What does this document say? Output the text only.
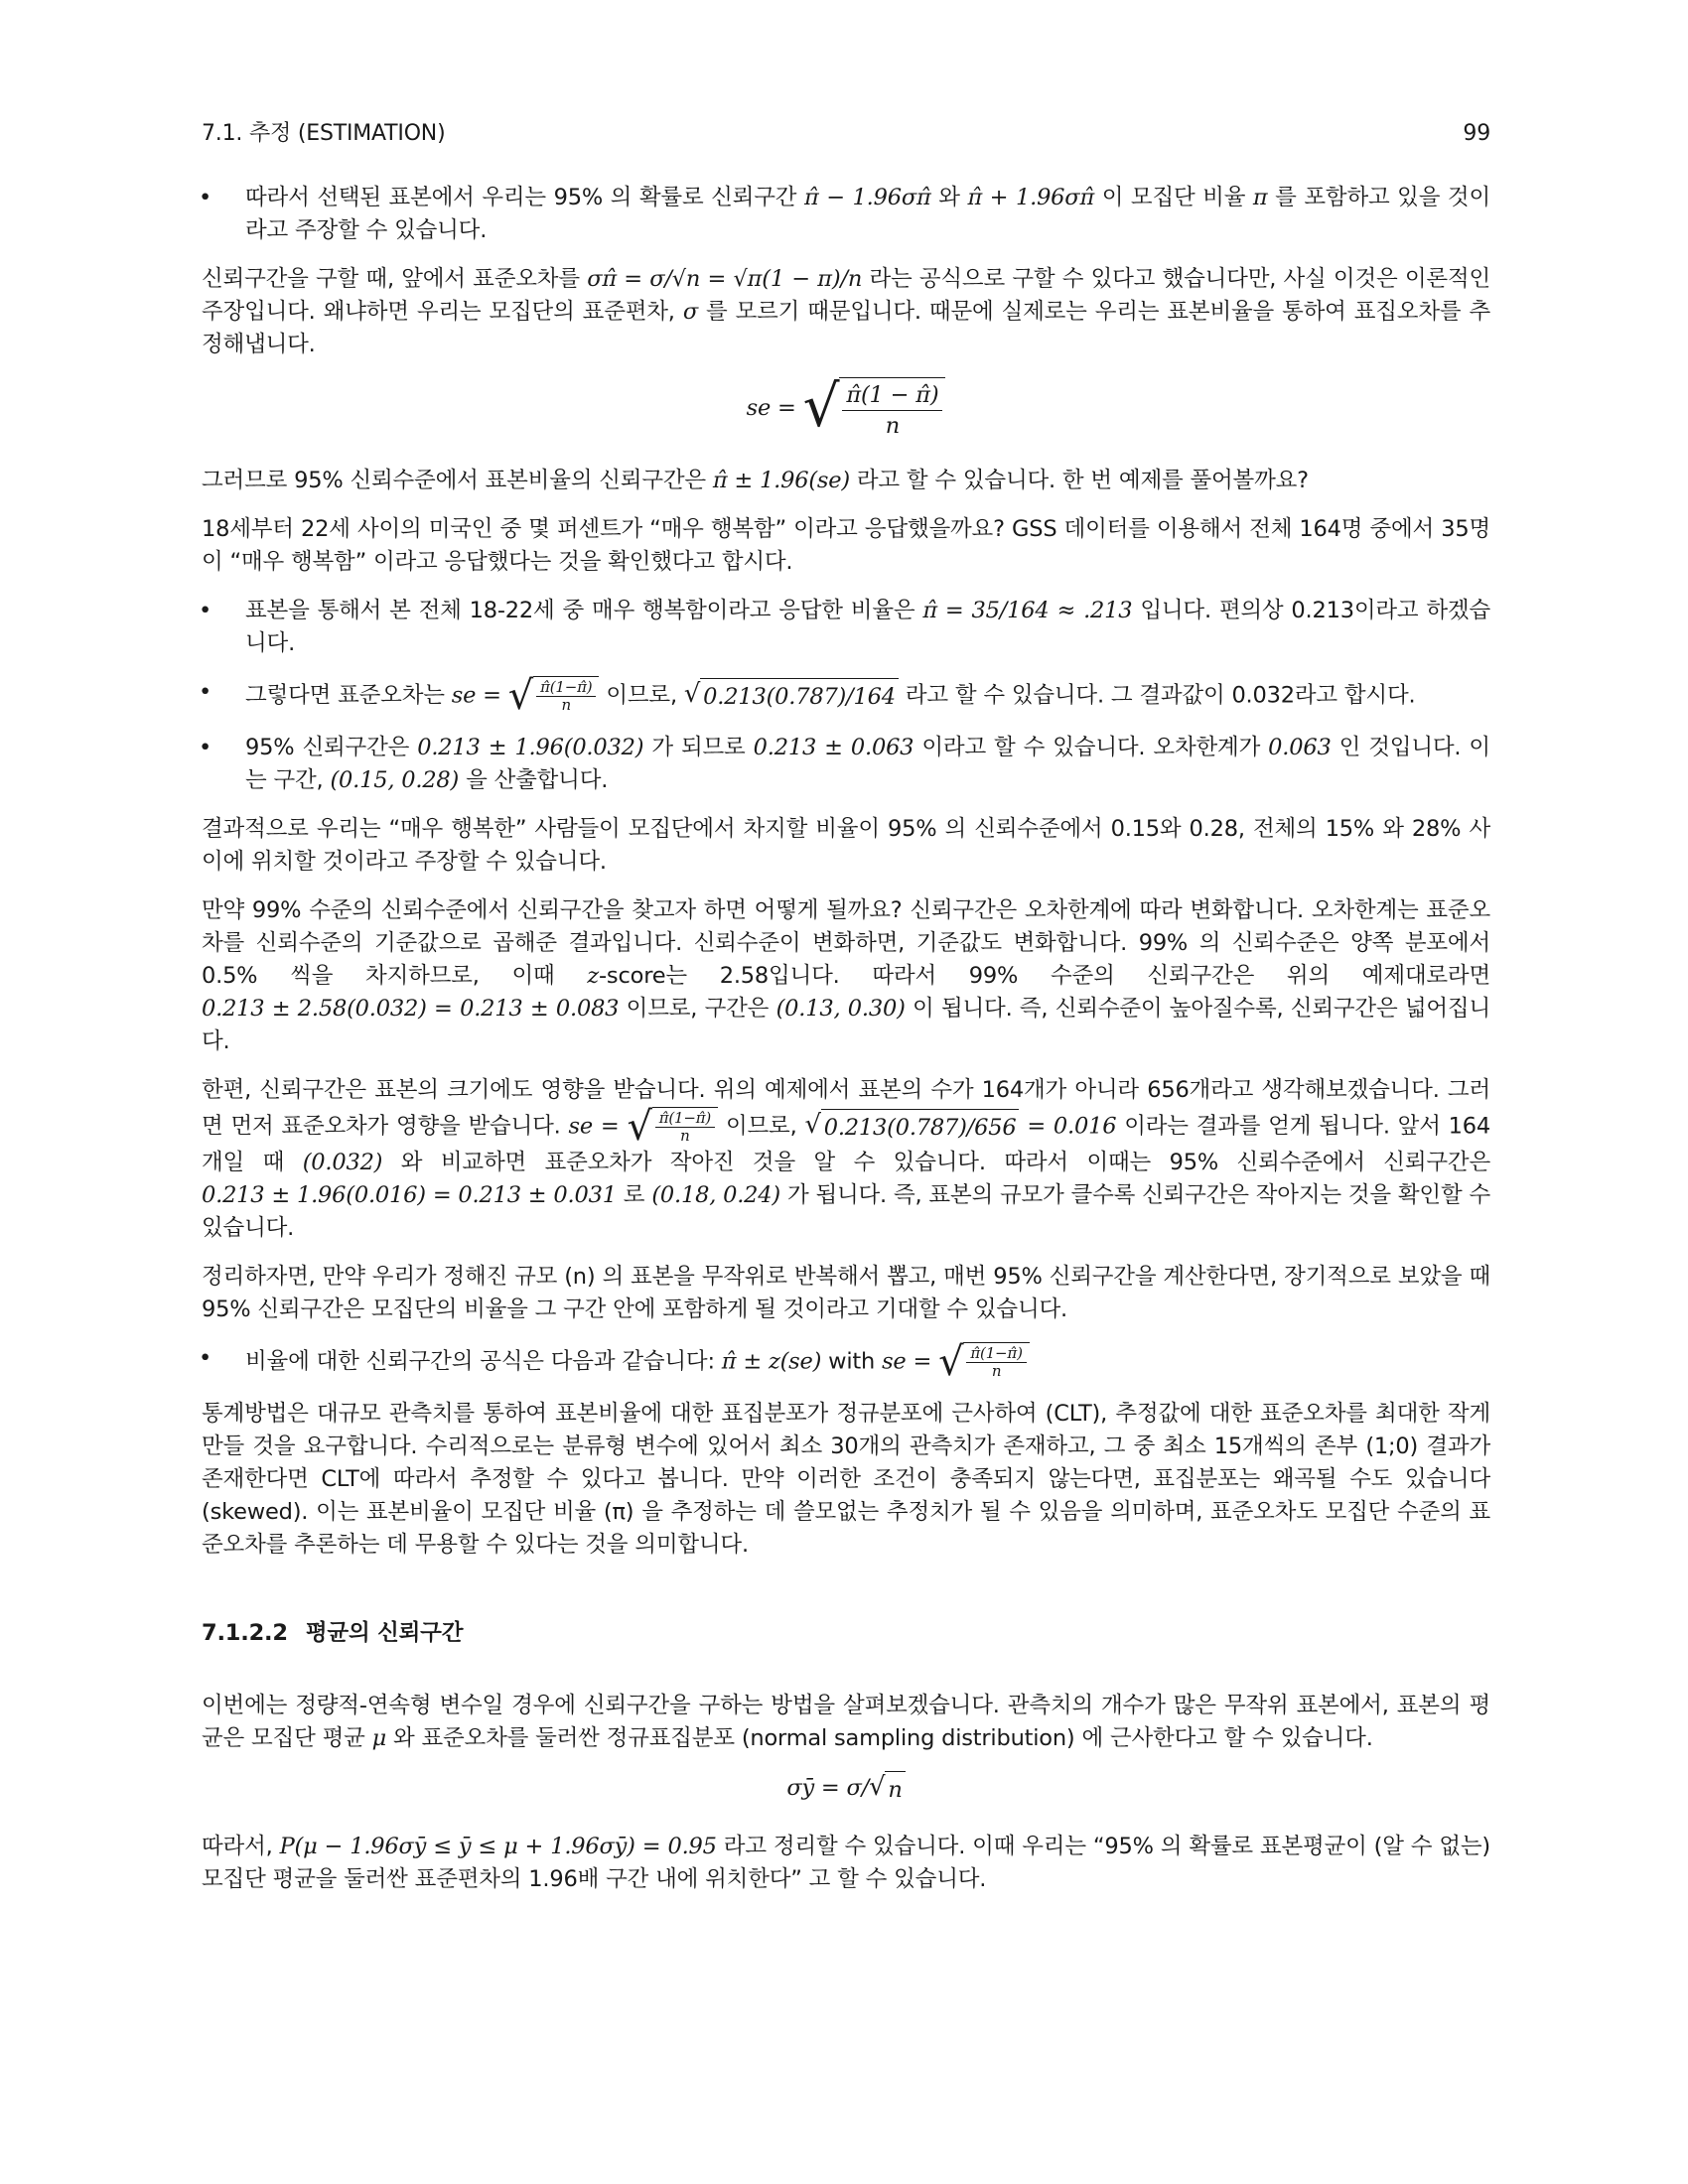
7.1. 추정 (ESTIMATION)	99
• 따라서 선택된 표본에서 우리는 95% 의 확률로 신뢰구간 π̂ − 1.96σπ̂ 와 π̂ + 1.96σπ̂ 이 모집단 비율 π 를 포함하고 있을 것이라고 주장할 수 있습니다.

신뢰구간을 구할 때, 앞에서 표준오차를 σπ̂ = σ/√n = √π(1 − π)/n 라는 공식으로 구할 수 있다고 했습니다만, 사실 이것은 이론적인 주장입니다. 왜냐하면 우리는 모집단의 표준편차, σ 를 모르기 때문입니다. 때문에 실제로는 우리는 표본비율을 통하여 표집오차를 추정해냅니다.

se = √ $\frac{\pî(1 - \pî)}{n}$

그러므로 95% 신뢰수준에서 표본비율의 신뢰구간은 π̂ ± 1.96(se) 라고 할 수 있습니다. 한 번 예제를 풀어볼까요?

18세부터 22세 사이의 미국인 중 몇 퍼센트가 “매우 행복함” 이라고 응답했을까요? GSS 데이터를 이용해서 전체 164명 중에서 35명이 “매우 행복함” 이라고 응답했다는 것을 확인했다고 합시다.

• 표본을 통해서 본 전체 18-22세 중 매우 행복함이라고 응답한 비율은 π̂ = 35/164 ≈ .213 입니다. 편의상 0.213이라고 하겠습니다.
• 그렇다면 표준오차는 se = √ $\frac{\pî(1-\pî)}{n}$ 이므로, √ 0.213(0.787)/164 라고 할 수 있습니다. 그 결과값이 0.032라고 합시다.
• 95% 신뢰구간은 0.213 ± 1.96(0.032) 가 되므로 0.213 ± 0.063 이라고 할 수 있습니다. 오차한계가 0.063 인 것입니다. 이는 구간, (0.15, 0.28) 을 산출합니다.

결과적으로 우리는 “매우 행복한” 사람들이 모집단에서 차지할 비율이 95% 의 신뢰수준에서 0.15와 0.28, 전체의 15% 와 28% 사이에 위치할 것이라고 주장할 수 있습니다.

만약 99% 수준의 신뢰수준에서 신뢰구간을 찾고자 하면 어떻게 될까요? 신뢰구간은 오차한계에 따라 변화합니다. 오차한계는 표준오차를 신뢰수준의 기준값으로 곱해준 결과입니다. 신뢰수준이 변화하면, 기준값도 변화합니다. 99% 의 신뢰수준은 양쪽 분포에서 0.5% 씩을 차지하므로, 이때 z-score는 2.58입니다. 따라서 99% 수준의 신뢰구간은 위의 예제대로라면 0.213 ± 2.58(0.032) = 0.213 ± 0.083 이므로, 구간은 (0.13, 0.30) 이 됩니다. 즉, 신뢰수준이 높아질수록, 신뢰구간은 넓어집니다.

한편, 신뢰구간은 표본의 크기에도 영향을 받습니다. 위의 예제에서 표본의 수가 164개가 아니라 656개라고 생각해보겠습니다. 그러면 먼저 표준오차가 영향을 받습니다. se = √ $\frac{\pî(1-\pî)}{n}$ 이므로, √ 0.213(0.787)/656 = 0.016 이라는 결과를 얻게 됩니다. 앞서 164개일 때 (0.032) 와 비교하면 표준오차가 작아진 것을 알 수 있습니다. 따라서 이때는 95% 신뢰수준에서 신뢰구간은 0.213 ± 1.96(0.016) = 0.213 ± 0.031 로 (0.18, 0.24) 가 됩니다. 즉, 표본의 규모가 클수록 신뢰구간은 작아지는 것을 확인할 수 있습니다.

정리하자면, 만약 우리가 정해진 규모 (n) 의 표본을 무작위로 반복해서 뽑고, 매번 95% 신뢰구간을 계산한다면, 장기적으로 보았을 때 95% 신뢰구간은 모집단의 비율을 그 구간 안에 포함하게 될 것이라고 기대할 수 있습니다.

• 비율에 대한 신뢰구간의 공식은 다음과 같습니다: π̂ ± z(se) with se = √ $\frac{\pî(1-\pî)}{n}$

통계방법은 대규모 관측치를 통하여 표본비율에 대한 표집분포가 정규분포에 근사하여 (CLT), 추정값에 대한 표준오차를 최대한 작게 만들 것을 요구합니다. 수리적으로는 분류형 변수에 있어서 최소 30개의 관측치가 존재하고, 그 중 최소 15개씩의 존부 (1;0) 결과가 존재한다면 CLT에 따라서 추정할 수 있다고 봅니다. 만약 이러한 조건이 충족되지 않는다면, 표집분포는 왜곡될 수도 있습니다 (skewed). 이는 표본비율이 모집단 비율 (π) 을 추정하는 데 쓸모없는 추정치가 될 수 있음을 의미하며, 표준오차도 모집단 수준의 표준오차를 추론하는 데 무용할 수 있다는 것을 의미합니다.

7.1.2.2 평균의 신뢰구간

이번에는 정량적-연속형 변수일 경우에 신뢰구간을 구하는 방법을 살펴보겠습니다. 관측치의 개수가 많은 무작위 표본에서, 표본의 평균은 모집단 평균 μ 와 표준오차를 둘러싼 정규표집분포 (normal sampling distribution) 에 근사한다고 할 수 있습니다.

σȳ = σ/ √ n

따라서, P(μ − 1.96σȳ ≤ ȳ ≤ μ + 1.96σȳ) = 0.95 라고 정리할 수 있습니다. 이때 우리는 “95% 의 확률로 표본평균이 (알 수 없는) 모집단 평균을 둘러싼 표준편차의 1.96배 구간 내에 위치한다” 고 할 수 있습니다.
